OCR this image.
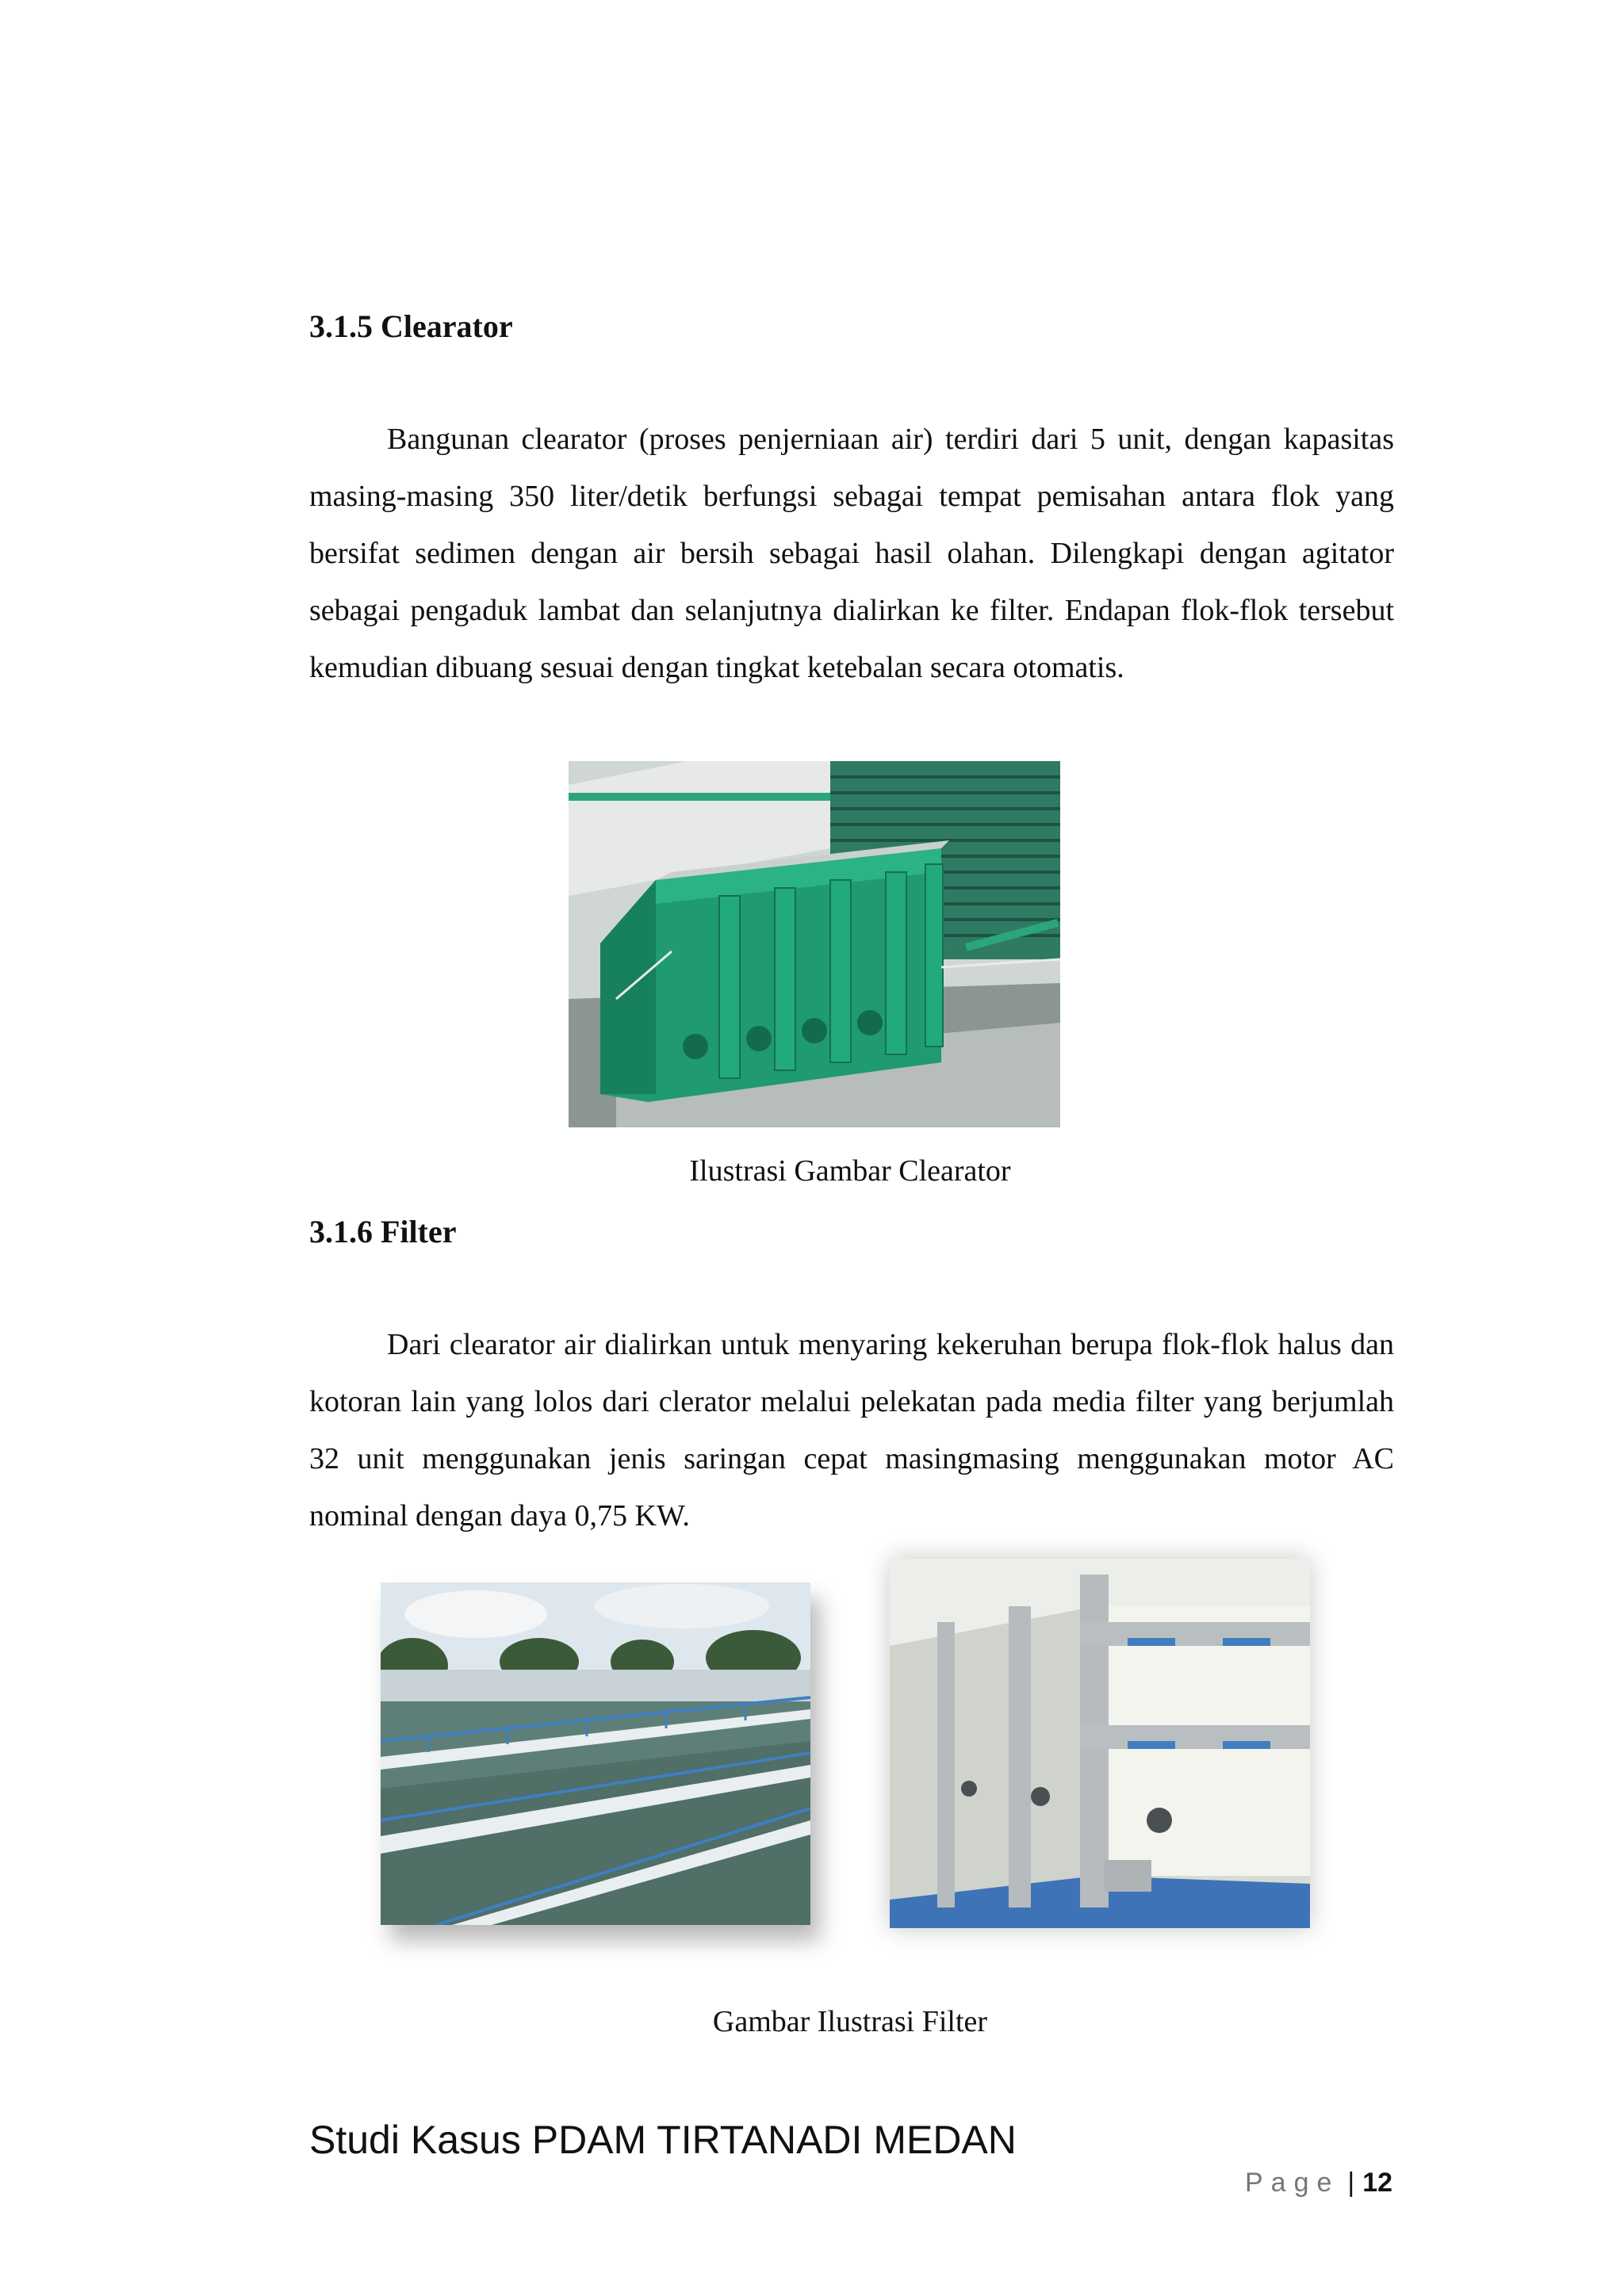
3.1.5 Clearator

Bangunan clearator (proses penjerniaan air) terdiri dari 5 unit, dengan kapasitas masing-masing 350 liter/detik berfungsi sebagai tempat pemisahan antara flok yang bersifat sedimen dengan air bersih sebagai hasil olahan. Dilengkapi dengan agitator sebagai pengaduk lambat dan selanjutnya dialirkan ke filter. Endapan flok-flok tersebut kemudian dibuang sesuai dengan tingkat ketebalan secara otomatis.

Ilustrasi Gambar Clearator
3.1.6 Filter

Dari clearator air dialirkan untuk menyaring kekeruhan berupa flok-flok halus dan kotoran lain yang lolos dari clerator melalui pelekatan pada media filter yang berjumlah 32 unit menggunakan jenis saringan cepat masingmasing menggunakan motor AC nominal dengan daya 0,75 KW.

Gambar Ilustrasi Filter
Studi Kasus PDAM TIRTANADI MEDAN
Page | 12
